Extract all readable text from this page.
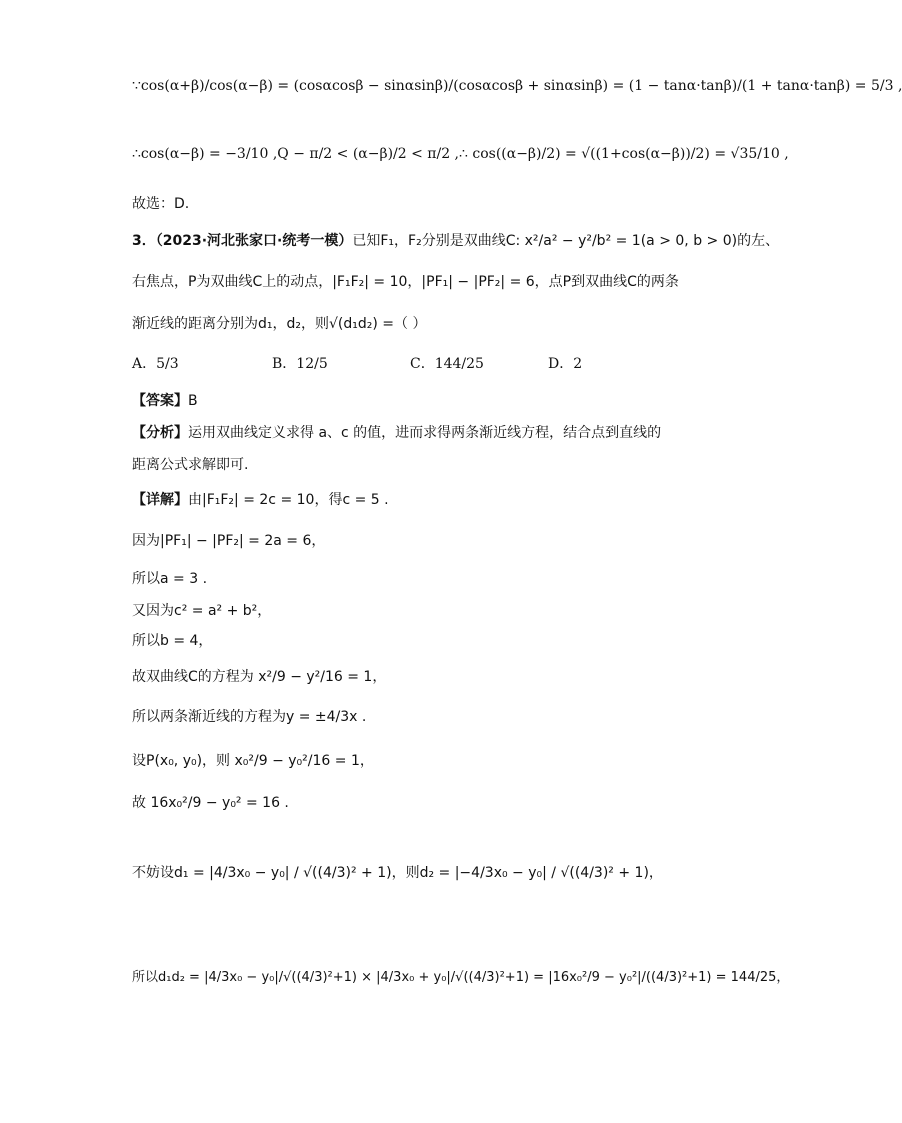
∵cos(α+β)/cos(α−β) = (cosαcosβ − sinαsinβ)/(cosαcosβ + sinαsinβ) = (1 − tanα·tanβ)/(1 + tanα·tanβ) = 5/3 ,
∴cos(α−β) = −3/10 ,Q − π/2 < (α−β)/2 < π/2 ,∴ cos((α−β)/2) = √((1+cos(α−β))/2) = √35/10 ,
故选：D.
3．（2023·河北张家口·统考一模）已知F₁，F₂分别是双曲线C: x²/a² − y²/b² = 1(a > 0, b > 0)的左、
右焦点，P为双曲线C上的动点，|F₁F₂| = 10，|PF₁| − |PF₂| = 6，点P到双曲线C的两条
渐近线的距离分别为d₁，d₂，则√(d₁d₂) =（ ）
A．5/3	B．12/5	C．144/25	D．2
【答案】B
【分析】运用双曲线定义求得 a、c 的值，进而求得两条渐近线方程，结合点到直线的
距离公式求解即可.
【详解】由|F₁F₂| = 2c = 10，得c = 5 .
因为|PF₁| − |PF₂| = 2a = 6，
所以a = 3 .
又因为c² = a² + b²，
所以b = 4，
故双曲线C的方程为 x²/9 − y²/16 = 1，
所以两条渐近线的方程为y = ±4/3x .
设P(x₀, y₀)，则 x₀²/9 − y₀²/16 = 1，
故 16x₀²/9 − y₀² = 16 .
不妨设d₁ = |4/3x₀ − y₀| / √((4/3)² + 1)，则d₂ = |−4/3x₀ − y₀| / √((4/3)² + 1)，
所以d₁d₂ = |4/3x₀ − y₀|/√((4/3)²+1) × |4/3x₀ + y₀|/√((4/3)²+1) = |16x₀²/9 − y₀²|/((4/3)²+1) = 144/25，
